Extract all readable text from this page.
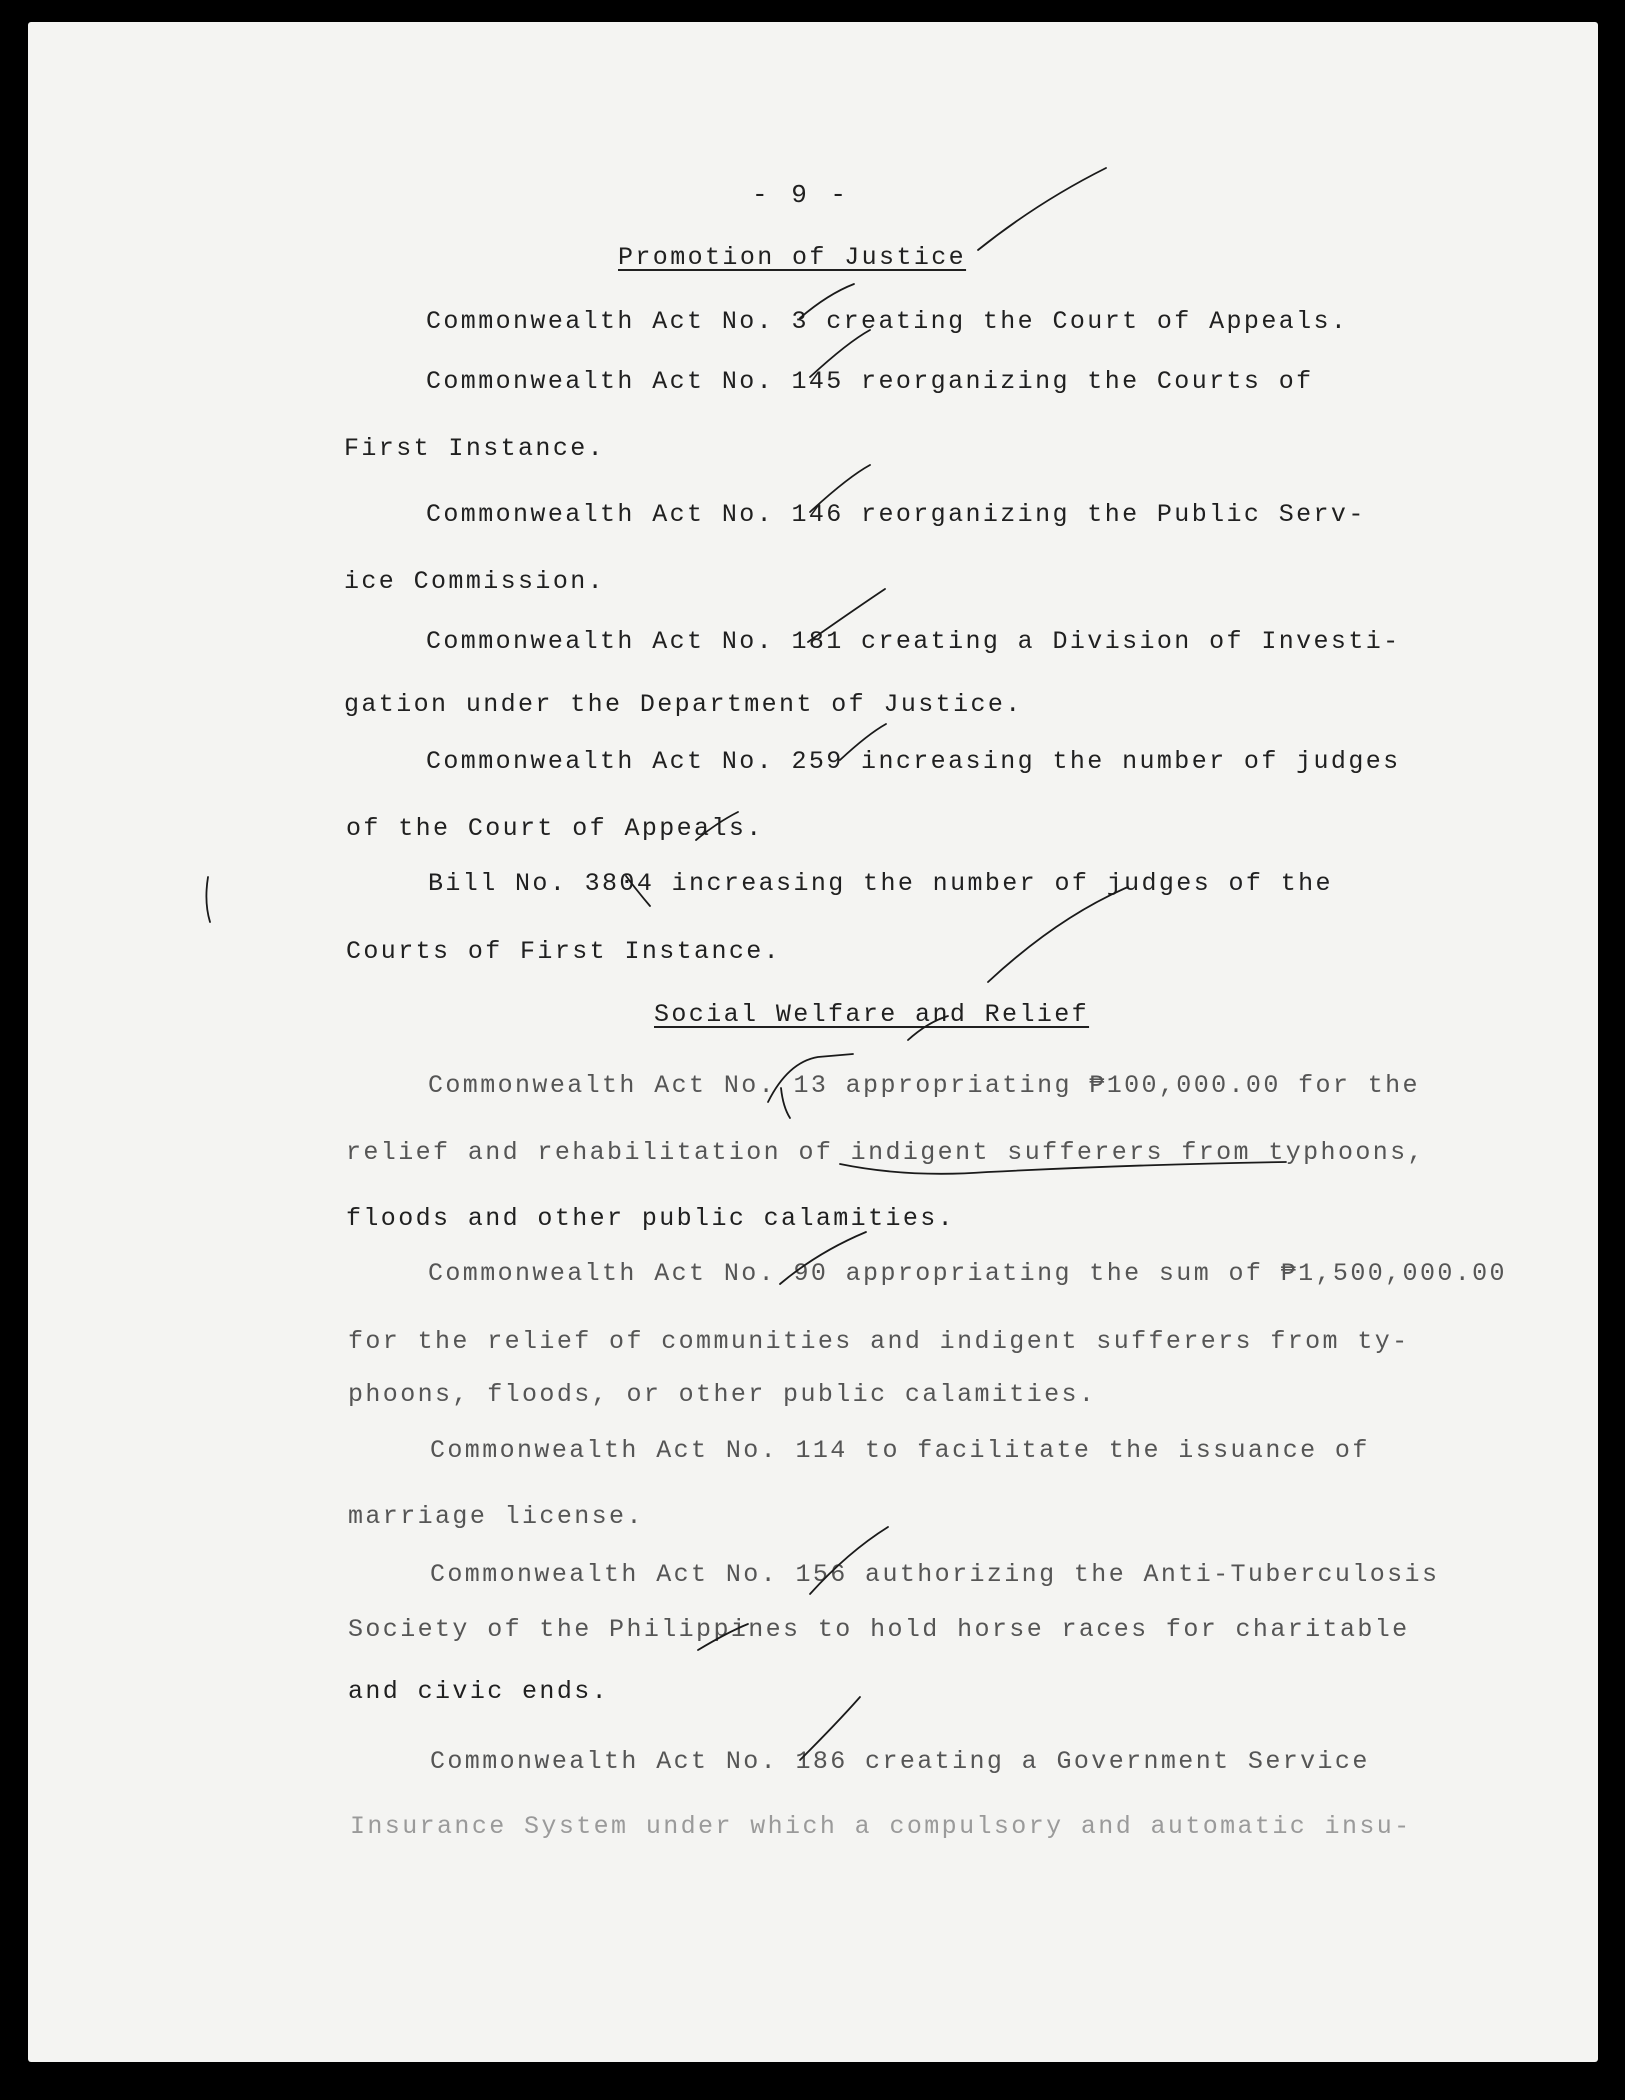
- 9 -
Promotion of Justice
Commonwealth Act No. 3 creating the Court of Appeals.
Commonwealth Act No. 145 reorganizing the Courts of
First Instance.
Commonwealth Act No. 146 reorganizing the Public Serv-
ice Commission.
Commonwealth Act No. 181 creating a Division of Investi-
gation under the Department of Justice.
Commonwealth Act No. 259 increasing the number of judges
of the Court of Appeals.
Bill No. 3804 increasing the number of judges of the
Courts of First Instance.
Social Welfare and Relief
Commonwealth Act No. 13 appropriating ₱100,000.00 for the
relief and rehabilitation of indigent sufferers from typhoons,
floods and other public calamities.
Commonwealth Act No. 90 appropriating the sum of ₱1,500,000.00
for the relief of communities and indigent sufferers from ty-
phoons, floods, or other public calamities.
Commonwealth Act No. 114 to facilitate the issuance of
marriage license.
Commonwealth Act No. 156 authorizing the Anti-Tuberculosis
Society of the Philippines to hold horse races for charitable
and civic ends.
Commonwealth Act No. 186 creating a Government Service
Insurance System under which a compulsory and automatic insu-
